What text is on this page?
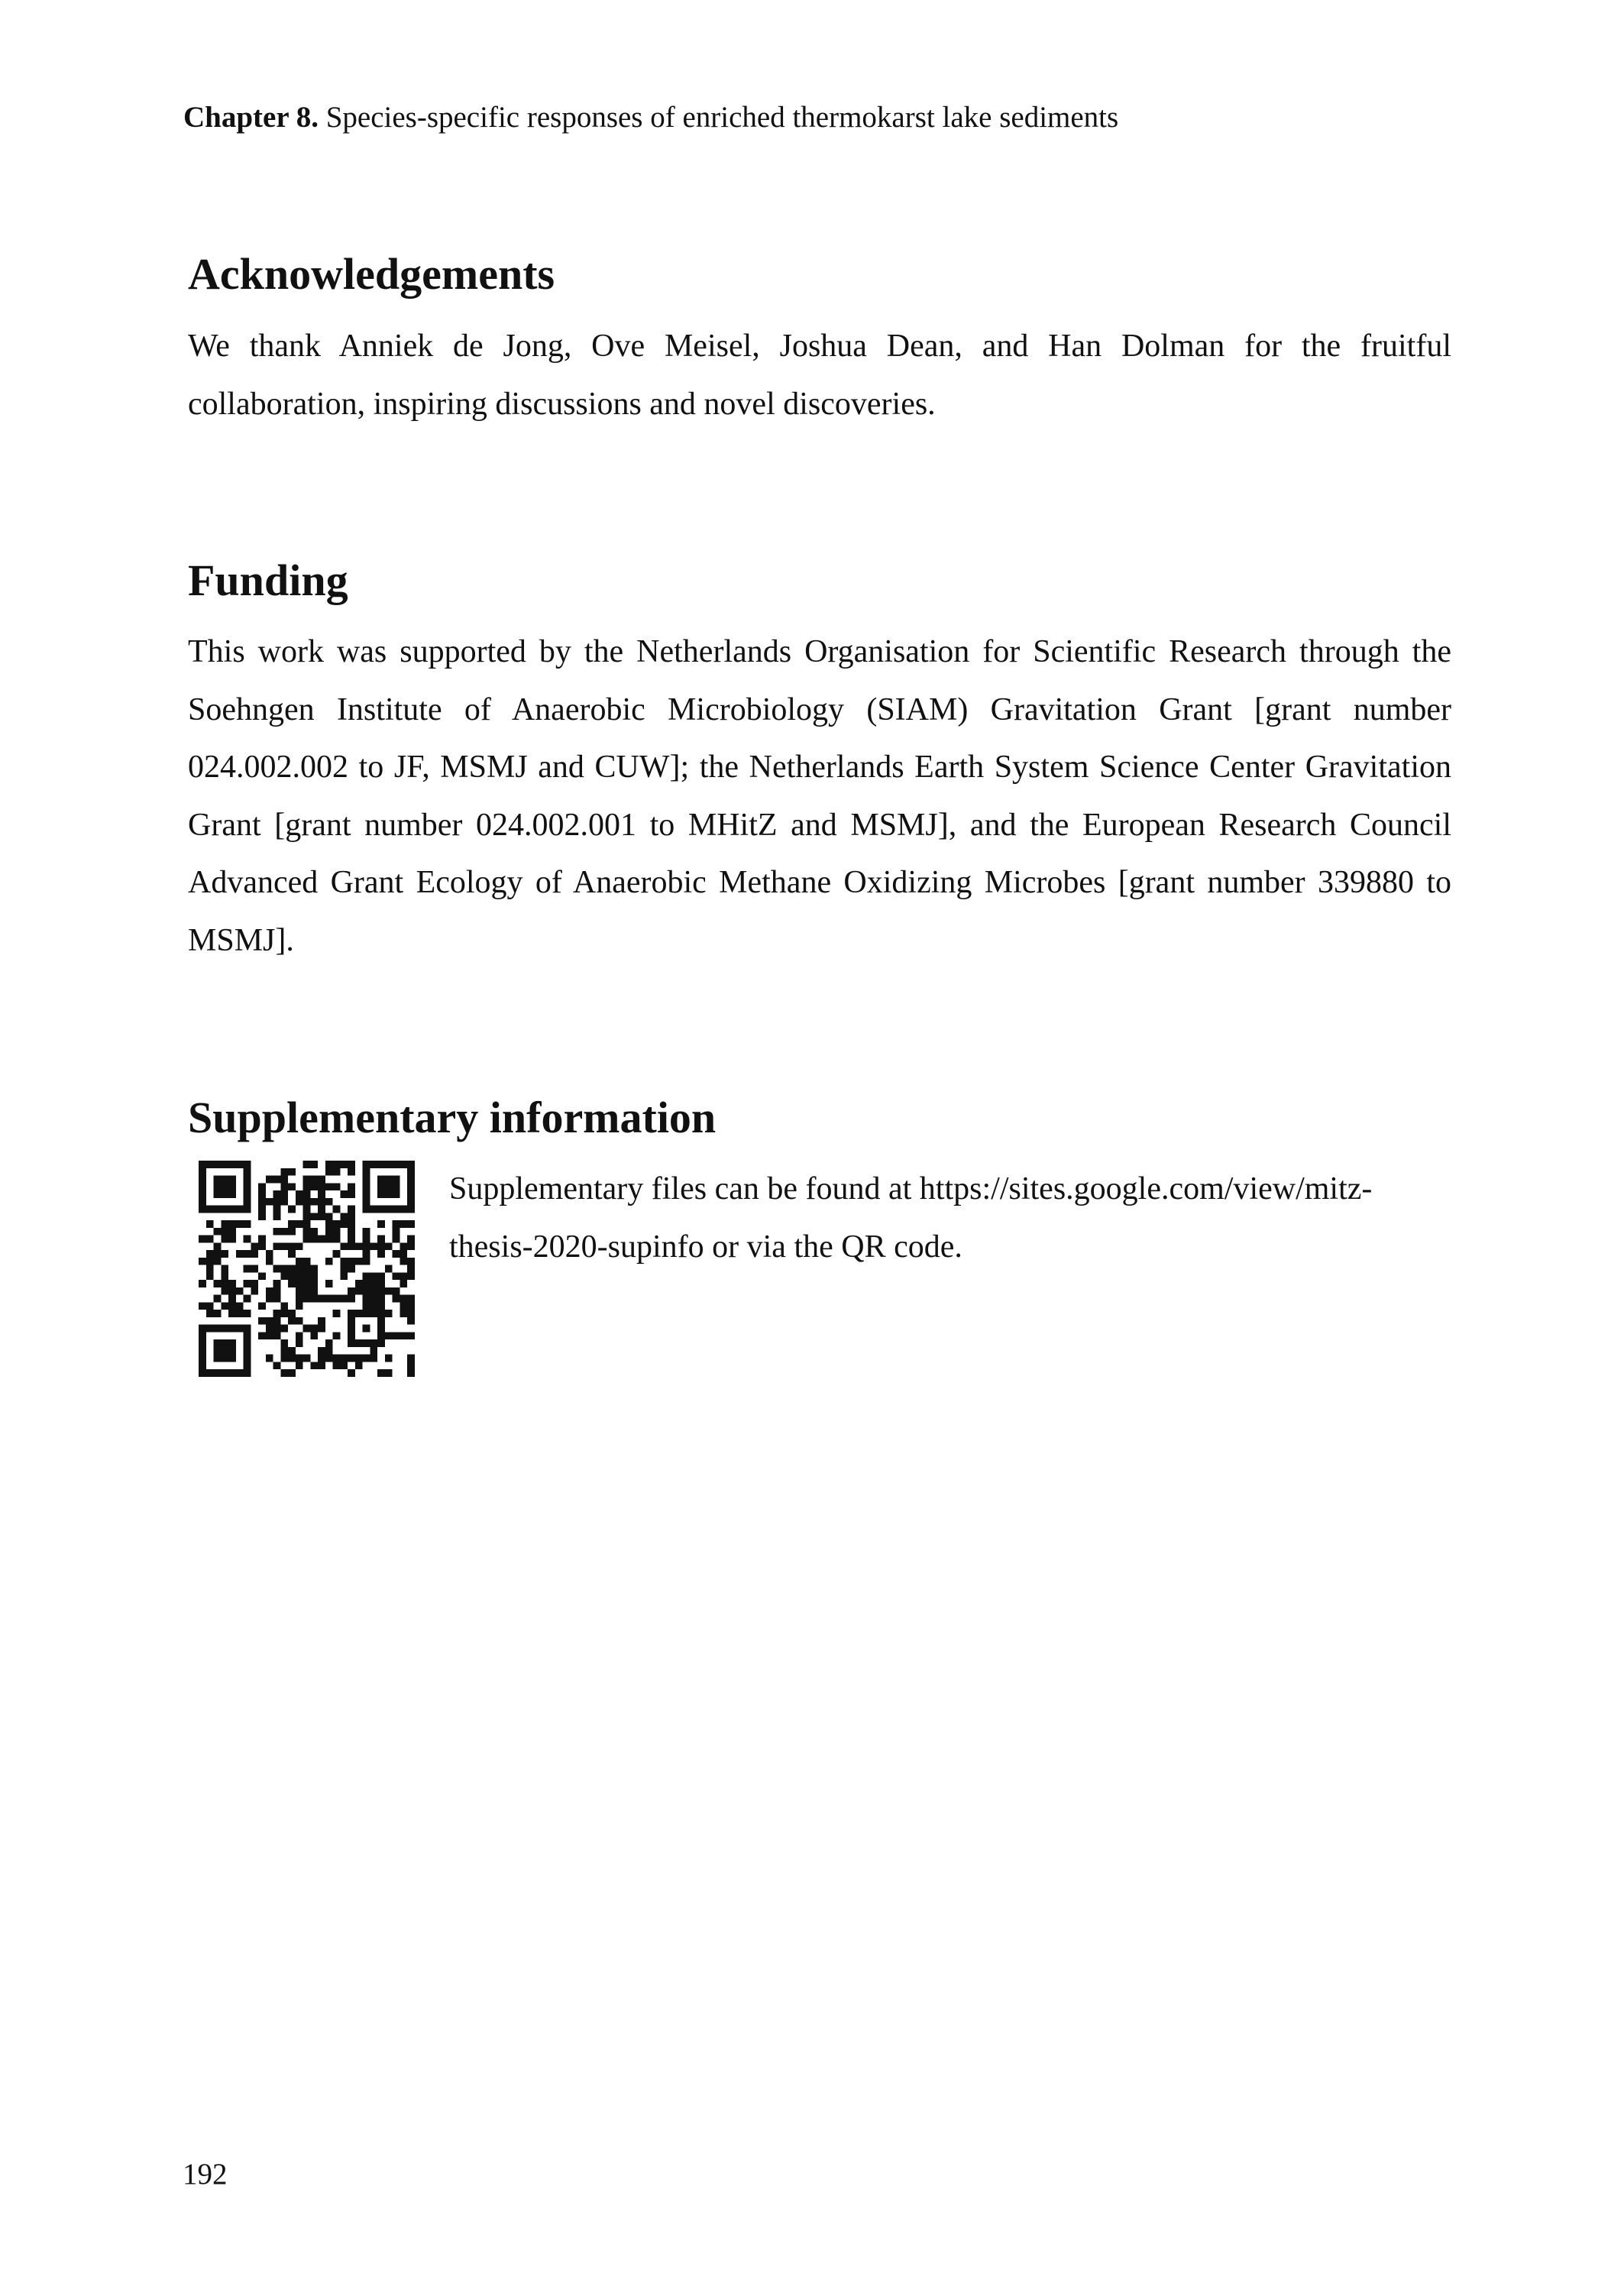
Chapter 8. Species-specific responses of enriched thermokarst lake sediments
Acknowledgements

We thank Anniek de Jong, Ove Meisel, Joshua Dean, and Han Dolman for the fruitful collaboration, inspiring discussions and novel discoveries.

Funding

This work was supported by the Netherlands Organisation for Scientific Research through the Soehngen Institute of Anaerobic Microbiology (SIAM) Gravitation Grant [grant number 024.002.002 to JF, MSMJ and CUW]; the Netherlands Earth System Science Center Gravitation Grant [grant number 024.002.001 to MHitZ and MSMJ], and the European Research Council Advanced Grant Ecology of Anaerobic Methane Oxidizing Microbes [grant number 339880 to MSMJ].

Supplementary information

Supplementary files can be found at https://sites.google.com/view/mitz-
thesis-2020-supinfo or via the QR code.

192
